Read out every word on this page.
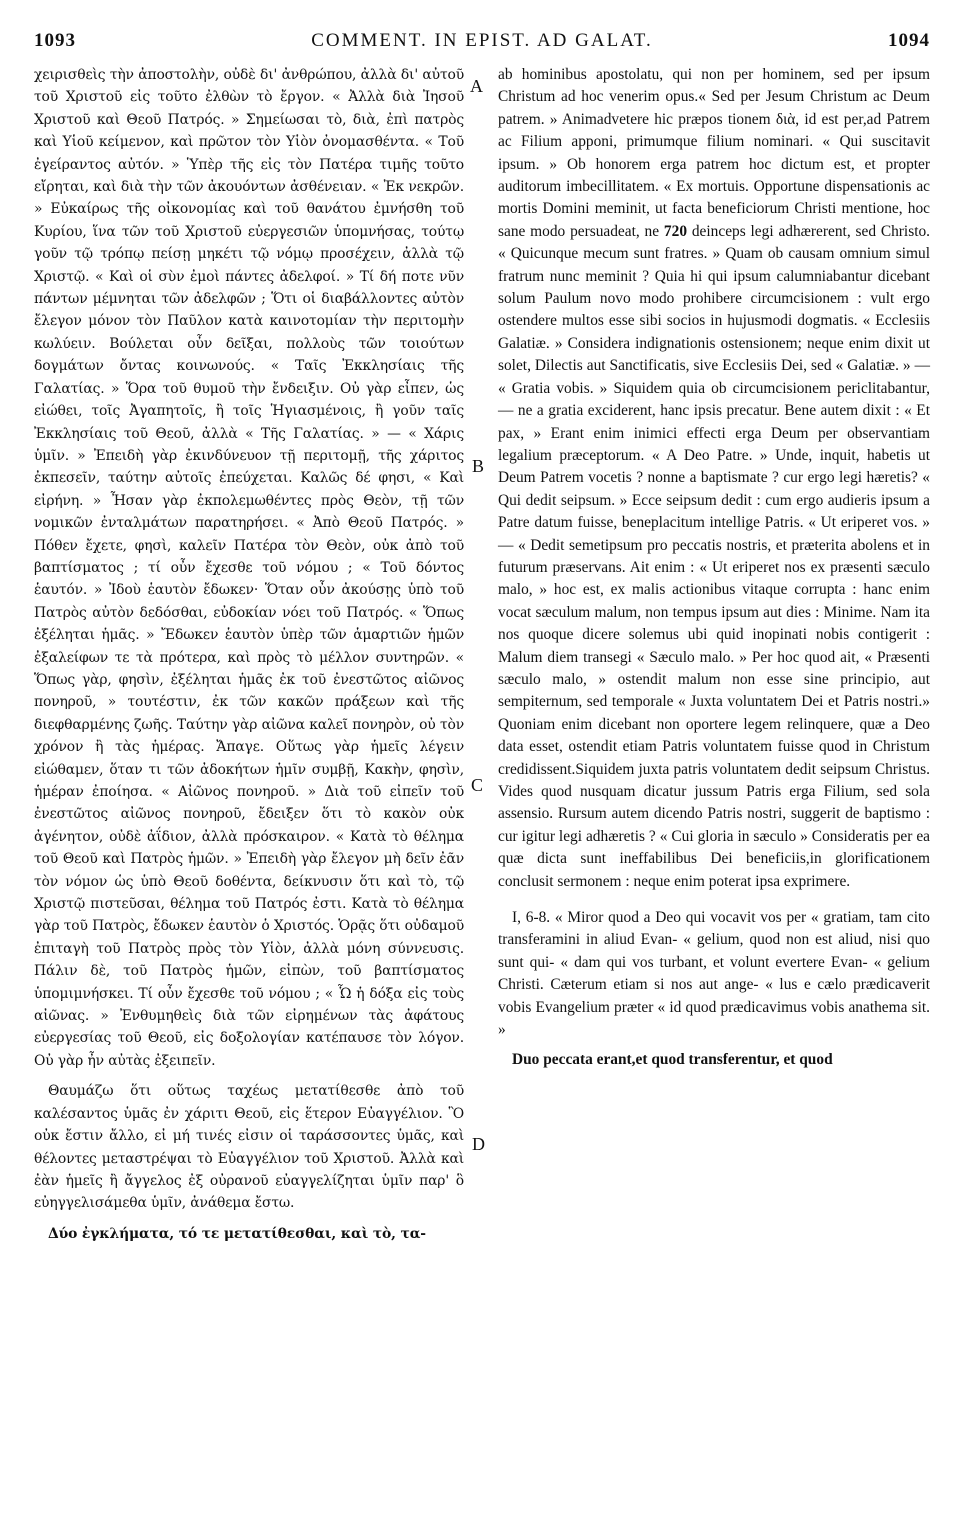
1093	COMMENT. IN EPIST. AD GALAT.	1094
A
B
C
D

χειρισθεὶς τὴν ἀποστολὴν, οὐδὲ δι' ἀνθρώπου, ἀλλὰ δι' αὐτοῦ τοῦ Χριστοῦ εἰς τοῦτο ἐλθὼν τὸ ἔργον. « Ἀλλὰ διὰ Ἰησοῦ Χριστοῦ καὶ Θεοῦ Πατρός. » Σημείωσαι τὸ, διὰ, ἐπὶ πατρὸς καὶ Υἱοῦ κείμενον, καὶ πρῶτον τὸν Υἱὸν ὀνομασθέντα. « Τοῦ ἐγείραντος αὐτόν. » Ὑπὲρ τῆς εἰς τὸν Πατέρα τιμῆς τοῦτο εἴρηται, καὶ διὰ τὴν τῶν ἀκουόντων ἀσθένειαν. « Ἐκ νεκρῶν. » Εὐκαίρως τῆς οἰκονομίας καὶ τοῦ θανάτου ἐμνήσθη τοῦ Κυρίου, ἵνα τῶν τοῦ Χριστοῦ εὐεργεσιῶν ὑπομνήσας, τούτῳ γοῦν τῷ τρόπῳ πείσῃ μηκέτι τῷ νόμῳ προσέχειν, ἀλλὰ τῷ Χριστῷ. « Καὶ οἱ σὺν ἐμοὶ πάντες ἀδελφοί. » Τί δή ποτε νῦν πάντων μέμνηται τῶν ἀδελφῶν ; Ὅτι οἱ διαβάλλοντες αὐτὸν ἔλεγον μόνον τὸν Παῦλον κατὰ καινοτομίαν τὴν περιτομὴν κωλύειν. Βούλεται οὖν δεῖξαι, πολλοὺς τῶν τοιούτων δογμάτων ὄντας κοινωνούς. « Ταῖς Ἐκκλησίαις τῆς Γαλατίας. » Ὅρα τοῦ θυμοῦ τὴν ἔνδειξιν. Οὐ γὰρ εἶπεν, ὡς εἰώθει, τοῖς Ἀγαπητοῖς, ἢ τοῖς Ἡγιασμένοις, ἢ γοῦν ταῖς Ἐκκλησίαις τοῦ Θεοῦ, ἀλλὰ « Τῆς Γαλατίας. » — « Χάρις ὑμῖν. » Ἐπειδὴ γὰρ ἐκινδύνευον τῇ περιτομῇ, τῆς χάριτος ἐκπεσεῖν, ταύτην αὐτοῖς ἐπεύχεται. Καλῶς δέ φησι, « Καὶ εἰρήνη. » Ἦσαν γὰρ ἐκπολεμωθέντες πρὸς Θεὸν, τῇ τῶν νομικῶν ἐνταλμάτων παρατηρήσει. « Ἀπὸ Θεοῦ Πατρός. » Πόθεν ἔχετε, φησὶ, καλεῖν Πατέρα τὸν Θεὸν, οὐκ ἀπὸ τοῦ βαπτίσματος ; τί οὖν ἔχεσθε τοῦ νόμου ; « Τοῦ δόντος ἑαυτόν. » Ἰδοὺ ἑαυτὸν ἔδωκεν· Ὅταν οὖν ἀκούσῃς ὑπὸ τοῦ Πατρὸς αὐτὸν δεδόσθαι, εὐδοκίαν νόει τοῦ Πατρός. « Ὅπως ἐξέληται ἡμᾶς. » Ἔδωκεν ἑαυτὸν ὑπὲρ τῶν ἁμαρτιῶν ἡμῶν ἐξαλείφων τε τὰ πρότερα, καὶ πρὸς τὸ μέλλον συντηρῶν. « Ὅπως γὰρ, φησὶν, ἐξέληται ἡμᾶς ἐκ τοῦ ἐνεστῶτος αἰῶνος πονηροῦ, » τουτέστιν, ἐκ τῶν κακῶν πράξεων καὶ τῆς διεφθαρμένης ζωῆς. Ταύτην γὰρ αἰῶνα καλεῖ πονηρὸν, οὐ τὸν χρόνον ἢ τὰς ἡμέρας. Ἄπαγε. Οὕτως γὰρ ἡμεῖς λέγειν εἰώθαμεν, ὅταν τι τῶν ἀδοκήτων ἡμῖν συμβῇ, Κακὴν, φησὶν, ἡμέραν ἐποίησα. « Αἰῶνος πονηροῦ. » Διὰ τοῦ εἰπεῖν τοῦ ἐνεστῶτος αἰῶνος πονηροῦ, ἔδειξεν ὅτι τὸ κακὸν οὐκ ἀγένητον, οὐδὲ ἀΐδιον, ἀλλὰ πρόσκαιρον. « Κατὰ τὸ θέλημα τοῦ Θεοῦ καὶ Πατρὸς ἡμῶν. » Ἐπειδὴ γὰρ ἔλεγον μὴ δεῖν ἐᾶν τὸν νόμον ὡς ὑπὸ Θεοῦ δοθέντα, δείκνυσιν ὅτι καὶ τὸ, τῷ Χριστῷ πιστεῦσαι, θέλημα τοῦ Πατρός ἐστι. Κατὰ τὸ θέλημα γὰρ τοῦ Πατρὸς, ἔδωκεν ἑαυτὸν ὁ Χριστός. Ὁρᾷς ὅτι οὐδαμοῦ ἐπιταγὴ τοῦ Πατρὸς πρὸς τὸν Υἱὸν, ἀλλὰ μόνη σύννευσις. Πάλιν δὲ, τοῦ Πατρὸς ἡμῶν, εἰπὼν, τοῦ βαπτίσματος ὑπομιμνήσκει. Τί οὖν ἔχεσθε τοῦ νόμου ; « Ὧ ἡ δόξα εἰς τοὺς αἰῶνας. » Ἐνθυμηθεὶς διὰ τῶν εἰρημένων τὰς ἀφάτους εὐεργεσίας τοῦ Θεοῦ, εἰς δοξολογίαν κατέπαυσε τὸν λόγον. Οὐ γὰρ ἦν αὐτὰς ἐξειπεῖν.

Θαυμάζω ὅτι οὕτως ταχέως μετατίθεσθε ἀπὸ τοῦ καλέσαντος ὑμᾶς ἐν χάριτι Θεοῦ, εἰς ἕτερον Εὐαγγέλιον. Ὃ οὐκ ἔστιν ἄλλο, εἰ μή τινές εἰσιν οἱ ταράσσοντες ὑμᾶς, καὶ θέλοντες μεταστρέψαι τὸ Εὐαγγέλιον τοῦ Χριστοῦ. Ἀλλὰ καὶ ἐὰν ἡμεῖς ἢ ἄγγελος ἐξ οὐρανοῦ εὐαγγελίζηται ὑμῖν παρ' ὃ εὐηγγελισάμεθα ὑμῖν, ἀνάθεμα ἔστω.

Δύο ἐγκλήματα, τό τε μετατίθεσθαι, καὶ τὸ, τα-

ab hominibus apostolatu, qui non per hominem, sed per ipsum Christum ad hoc venerim opus.« Sed per Jesum Christum ac Deum patrem. » Animadvetere hic præpos tionem διὰ, id est per,ad Patrem ac Filium apponi, primumque filium nominari. « Qui suscitavit ipsum. » Ob honorem erga patrem hoc dictum est, et propter auditorum imbecillitatem. « Ex mortuis. Opportune dispensationis ac mortis Domini meminit, ut facta beneficiorum Christi mentione, hoc sane modo persuadeat, ne 720 deinceps legi adhærerent, sed Christo. « Quicunque mecum sunt fratres. » Quam ob causam omnium simul fratrum nunc meminit ? Quia hi qui ipsum calumniabantur dicebant solum Paulum novo modo prohibere circumcisionem : vult ergo ostendere multos esse sibi socios in hujusmodi dogmatis. « Ecclesiis Galatiæ. » Considera indignationis ostensionem; neque enim dixit ut solet, Dilectis aut Sanctificatis, sive Ecclesiis Dei, sed « Galatiæ. » — « Gratia vobis. » Siquidem quia ob circumcisionem periclitabantur, — ne a gratia exciderent, hanc ipsis precatur. Bene autem dixit : « Et pax, » Erant enim inimici effecti erga Deum per observantiam legalium præceptorum. « A Deo Patre. » Unde, inquit, habetis ut Deum Patrem vocetis ? nonne a baptismate ? cur ergo legi hæretis? « Qui dedit seipsum. » Ecce seipsum dedit : cum ergo audieris ipsum a Patre datum fuisse, beneplacitum intellige Patris. « Ut eriperet vos. » — « Dedit semetipsum pro peccatis nostris, et præterita abolens et in futurum præservans. Ait enim : « Ut eriperet nos ex præsenti sæculo malo, » hoc est, ex malis actionibus vitaque corrupta : hanc enim vocat sæculum malum, non tempus ipsum aut dies : Minime. Nam ita nos quoque dicere solemus ubi quid inopinati nobis contigerit : Malum diem transegi « Sæculo malo. » Per hoc quod ait, « Præsenti sæculo malo, » ostendit malum non esse sine principio, aut sempiternum, sed temporale « Juxta voluntatem Dei et Patris nostri.» Quoniam enim dicebant non oportere legem relinquere, quæ a Deo data esset, ostendit etiam Patris voluntatem fuisse quod in Christum credidissent.Siquidem juxta patris voluntatem dedit seipsum Christus. Vides quod nusquam dicatur jussum Patris erga Filium, sed sola assensio. Rursum autem dicendo Patris nostri, suggerit de baptismo : cur igitur legi adhæretis ? « Cui gloria in sæculo » Consideratis per ea quæ dicta sunt ineffabilibus Dei beneficiis,in glorificationem conclusit sermonem : neque enim poterat ipsa exprimere.

I, 6-8. « Miror quod a Deo qui vocavit vos per « gratiam, tam cito transferamini in aliud Evan- « gelium, quod non est aliud, nisi quo sunt qui- « dam qui vos turbant, et volunt evertere Evan- « gelium Christi. Cæterum etiam si nos aut ange- « lus e cælo prædicaverit vobis Evangelium præter « id quod prædicavimus vobis anathema sit. »

Duo peccata erant,et quod transferentur, et quod
